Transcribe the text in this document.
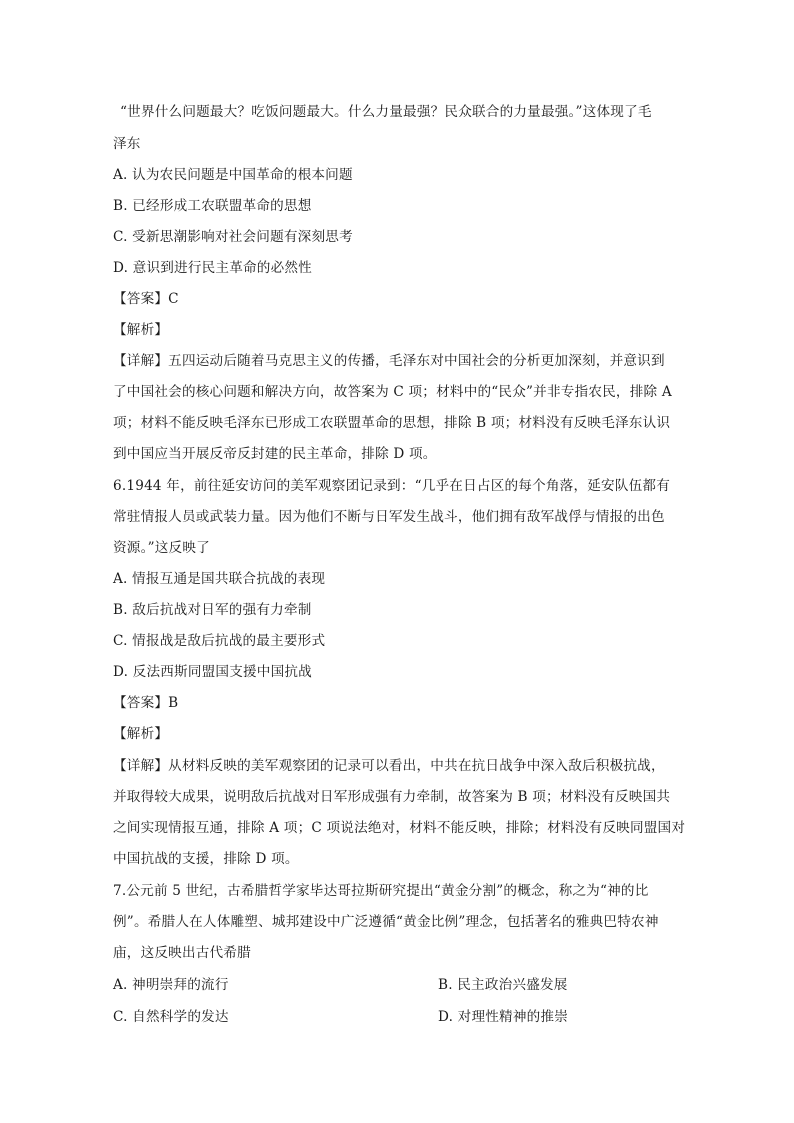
“世界什么问题最大？吃饭问题最大。什么力量最强？民众联合的力量最强。”这体现了毛
泽东
A. 认为农民问题是中国革命的根本问题
B. 已经形成工农联盟革命的思想
C. 受新思潮影响对社会问题有深刻思考
D. 意识到进行民主革命的必然性
【答案】C
【解析】
【详解】五四运动后随着马克思主义的传播，毛泽东对中国社会的分析更加深刻，并意识到
了中国社会的核心问题和解决方向，故答案为 C 项；材料中的“民众”并非专指农民，排除 A
项；材料不能反映毛泽东已形成工农联盟革命的思想，排除 B 项；材料没有反映毛泽东认识
到中国应当开展反帝反封建的民主革命，排除 D 项。
6.1944 年，前往延安访问的美军观察团记录到：“几乎在日占区的每个角落，延安队伍都有
常驻情报人员或武装力量。因为他们不断与日军发生战斗，他们拥有敌军战俘与情报的出色
资源。”这反映了
A. 情报互通是国共联合抗战的表现
B. 敌后抗战对日军的强有力牵制
C. 情报战是敌后抗战的最主要形式
D. 反法西斯同盟国支援中国抗战
【答案】B
【解析】
【详解】从材料反映的美军观察团的记录可以看出，中共在抗日战争中深入敌后积极抗战，
并取得较大成果，说明敌后抗战对日军形成强有力牵制，故答案为 B 项；材料没有反映国共
之间实现情报互通，排除 A 项；C 项说法绝对，材料不能反映，排除；材料没有反映同盟国对
中国抗战的支援，排除 D 项。
7.公元前 5 世纪，古希腊哲学家毕达哥拉斯研究提出“黄金分割”的概念，称之为“神的比
例”。希腊人在人体雕塑、城邦建设中广泛遵循“黄金比例”理念，包括著名的雅典巴特农神
庙，这反映出古代希腊
A. 神明崇拜的流行	B. 民主政治兴盛发展
C. 自然科学的发达	D. 对理性精神的推崇
